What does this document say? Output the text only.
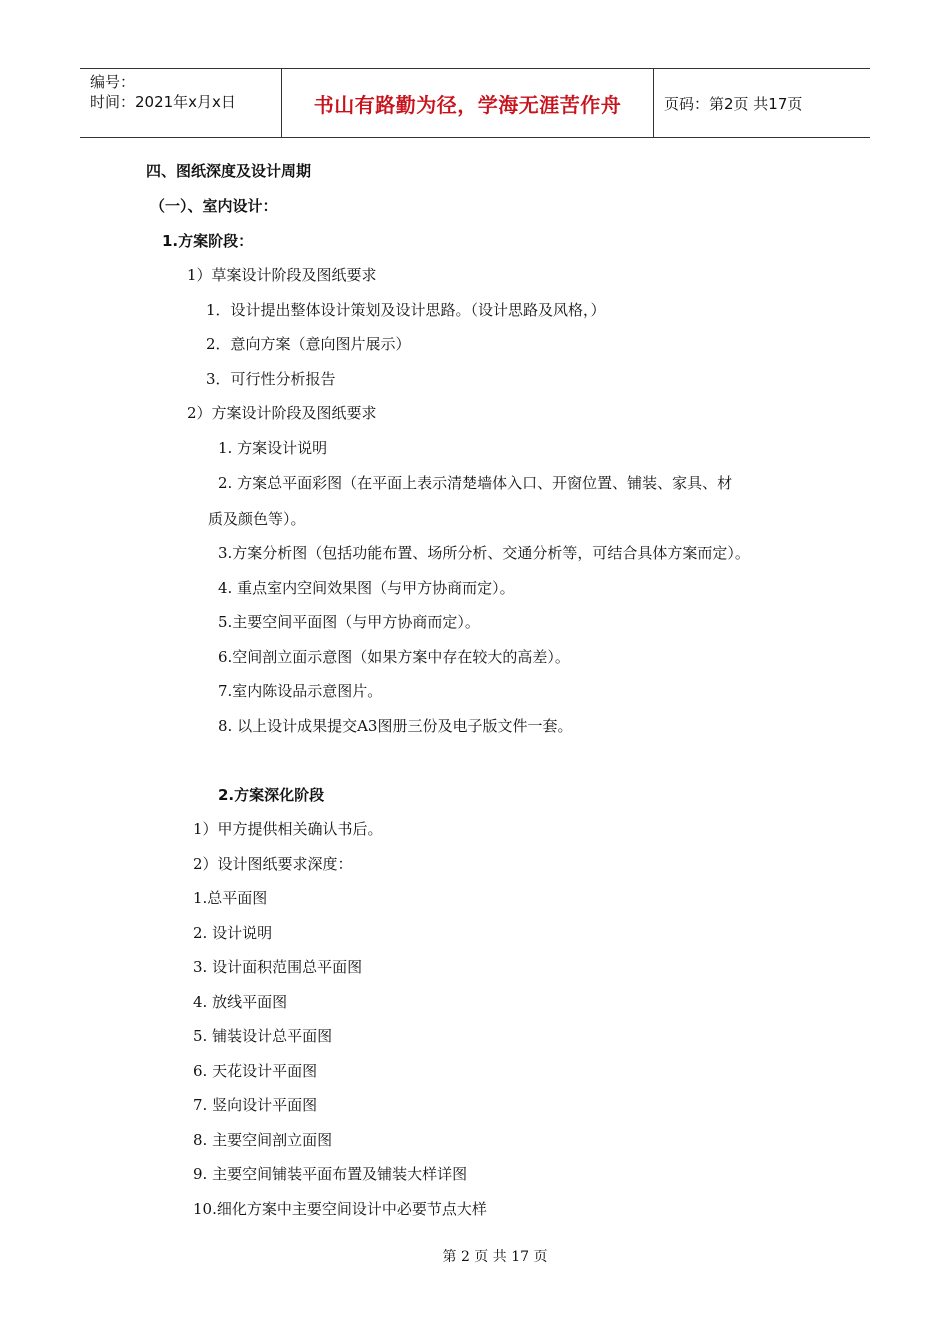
编号：
时间：2021年x月x日	书山有路勤为径，学海无涯苦作舟	页码：第2页 共17页
四、图纸深度及设计周期
（一）、室内设计：
1.方案阶段：
1）草案设计阶段及图纸要求
1．设计提出整体设计策划及设计思路。（设计思路及风格，）
2．意向方案（意向图片展示）
3．可行性分析报告
2）方案设计阶段及图纸要求
1. 方案设计说明
2. 方案总平面彩图（在平面上表示清楚墙体入口、开窗位置、铺装、家具、材
质及颜色等）。
3.方案分析图（包括功能布置、场所分析、交通分析等，可结合具体方案而定）。
4. 重点室内空间效果图（与甲方协商而定）。
5.主要空间平面图（与甲方协商而定）。
6.空间剖立面示意图（如果方案中存在较大的高差）。
7.室内陈设品示意图片。
8. 以上设计成果提交A3图册三份及电子版文件一套。
2.方案深化阶段
1）甲方提供相关确认书后。
2）设计图纸要求深度：
1.总平面图
2. 设计说明
3. 设计面积范围总平面图
4. 放线平面图
5. 铺装设计总平面图
6. 天花设计平面图
7. 竖向设计平面图
8. 主要空间剖立面图
9. 主要空间铺装平面布置及铺装大样详图
10.细化方案中主要空间设计中必要节点大样
第 2 页 共 17 页
